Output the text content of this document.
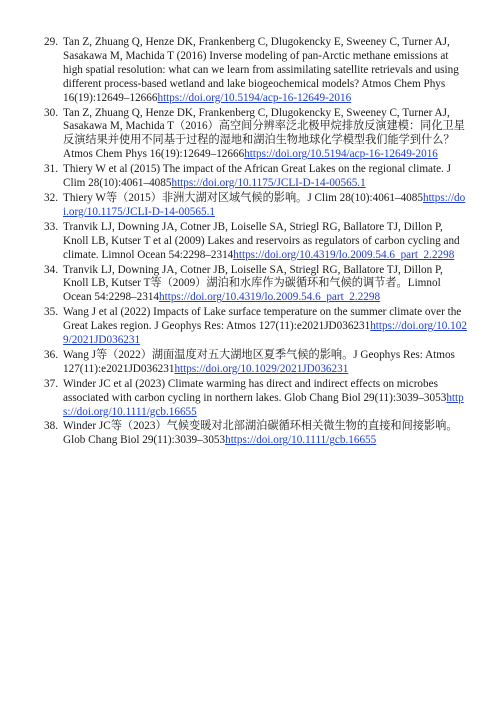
29. Tan Z, Zhuang Q, Henze DK, Frankenberg C, Dlugokencky E, Sweeney C, Turner AJ, Sasakawa M, Machida T (2016) Inverse modeling of pan-Arctic methane emissions at high spatial resolution: what can we learn from assimilating satellite retrievals and using different process-based wetland and lake biogeochemical models? Atmos Chem Phys 16(19):12649–12666https://doi.org/10.5194/acp-16-12649-2016
30. Tan Z, Zhuang Q, Henze DK, Frankenberg C, Dlugokencky E, Sweeney C, Turner AJ, Sasakawa M, Machida T（2016）高空间分辨率泛北极甲烷排放反演建模：同化卫星反演结果并使用不同基于过程的湿地和湖泊生物地球化学模型我们能学到什么？ Atmos Chem Phys 16(19):12649–12666https://doi.org/10.5194/acp-16-12649-2016
31. Thiery W et al (2015) The impact of the African Great Lakes on the regional climate. J Clim 28(10):4061–4085https://doi.org/10.1175/JCLI-D-14-00565.1
32. Thiery W等（2015）非洲大湖对区域气候的影响。J Clim 28(10):4061–4085https://doi.org/10.1175/JCLI-D-14-00565.1
33. Tranvik LJ, Downing JA, Cotner JB, Loiselle SA, Striegl RG, Ballatore TJ, Dillon P, Knoll LB, Kutser T et al (2009) Lakes and reservoirs as regulators of carbon cycling and climate. Limnol Ocean 54:2298–2314https://doi.org/10.4319/lo.2009.54.6_part_2.2298
34. Tranvik LJ, Downing JA, Cotner JB, Loiselle SA, Striegl RG, Ballatore TJ, Dillon P, Knoll LB, Kutser T等（2009）湖泊和水库作为碳循环和气候的调节者。Limnol Ocean 54:2298–2314https://doi.org/10.4319/lo.2009.54.6_part_2.2298
35. Wang J et al (2022) Impacts of Lake surface temperature on the summer climate over the Great Lakes region. J Geophys Res: Atmos 127(11):e2021JD036231https://doi.org/10.1029/2021JD036231
36. Wang J等（2022）湖面温度对五大湖地区夏季气候的影响。J Geophys Res: Atmos 127(11):e2021JD036231https://doi.org/10.1029/2021JD036231
37. Winder JC et al (2023) Climate warming has direct and indirect effects on microbes associated with carbon cycling in northern lakes. Glob Chang Biol 29(11):3039–3053https://doi.org/10.1111/gcb.16655
38. Winder JC等（2023）气候变暖对北部湖泊碳循环相关微生物的直接和间接影响。Glob Chang Biol 29(11):3039–3053https://doi.org/10.1111/gcb.16655
